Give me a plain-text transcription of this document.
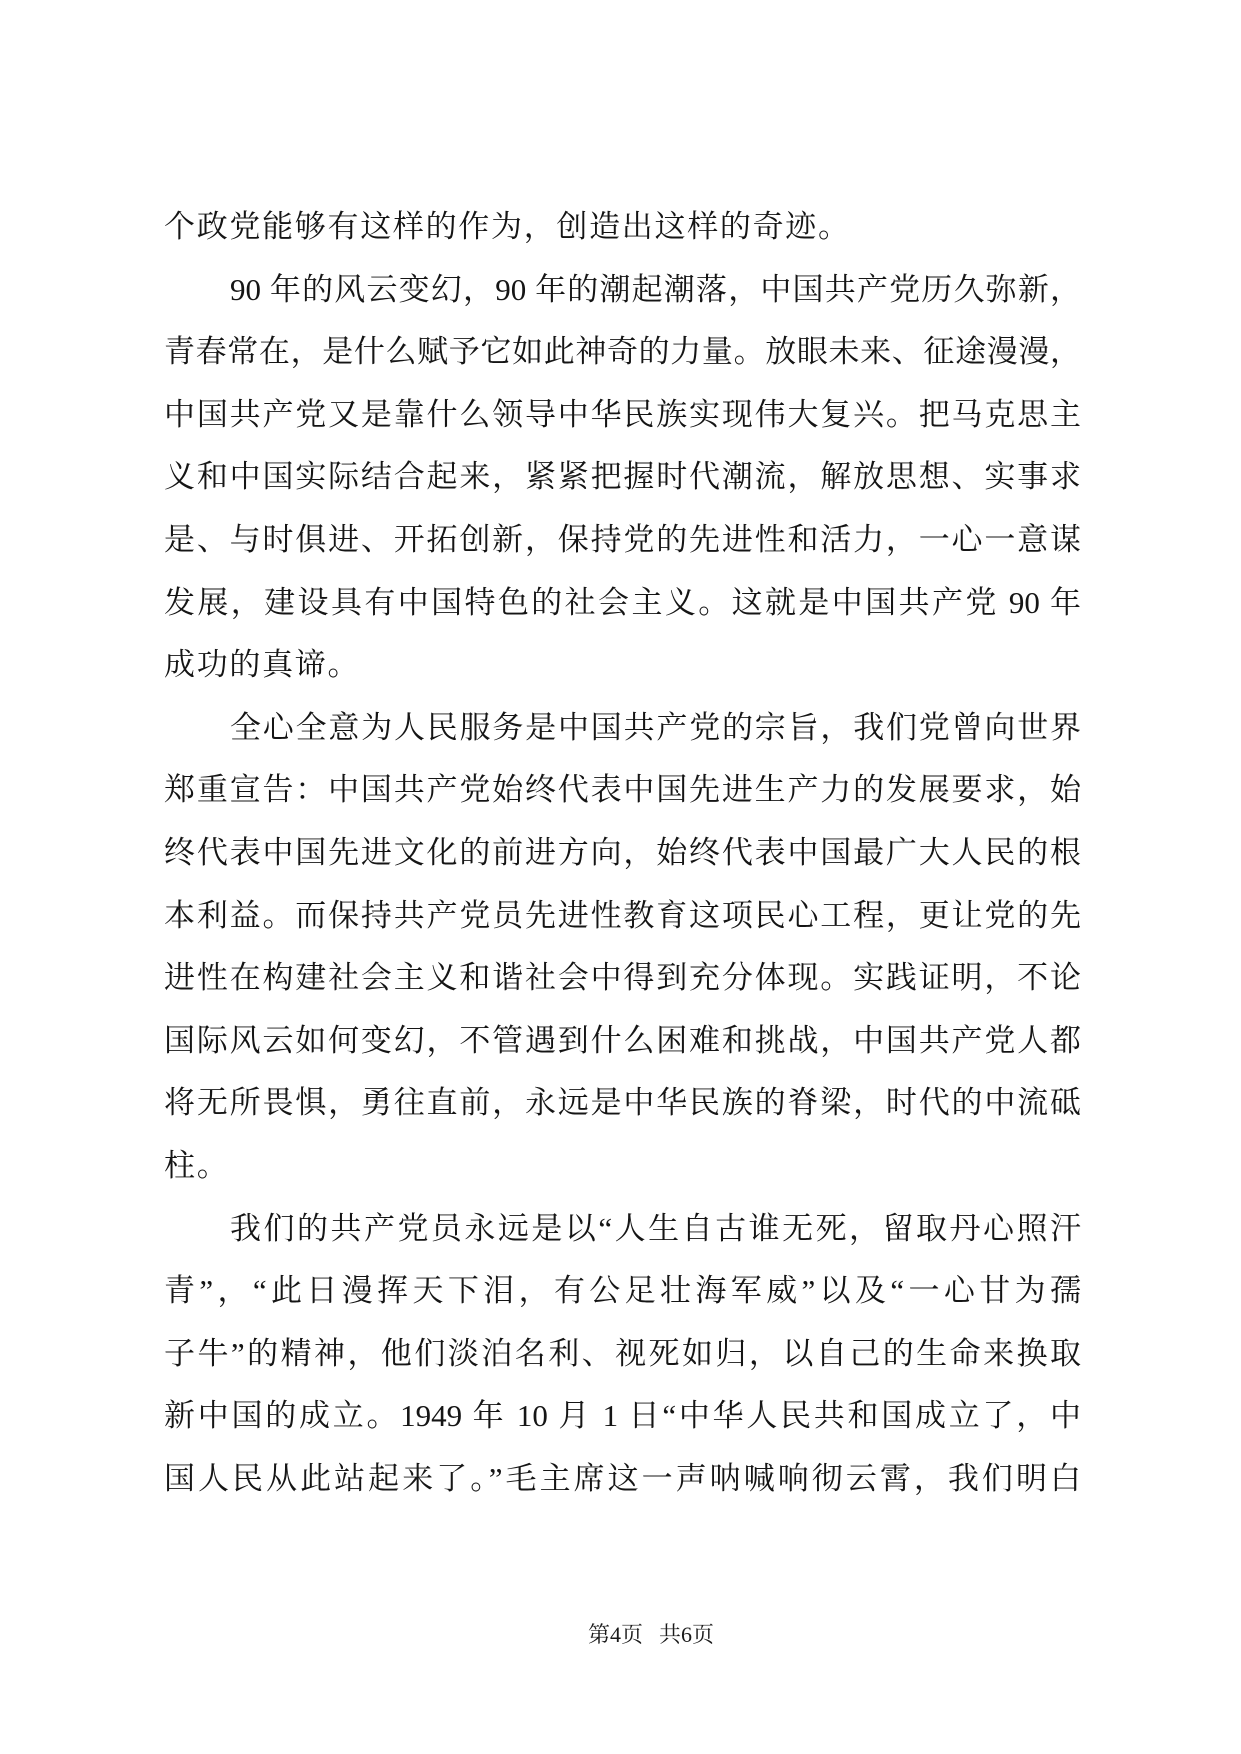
个政党能够有这样的作为，创造出这样的奇迹。
90 年的风云变幻，90 年的潮起潮落，中国共产党历久弥新，
青春常在，是什么赋予它如此神奇的力量。放眼未来、征途漫漫，
中国共产党又是靠什么领导中华民族实现伟大复兴。把马克思主
义和中国实际结合起来，紧紧把握时代潮流，解放思想、实事求
是、与时俱进、开拓创新，保持党的先进性和活力，一心一意谋
发展，建设具有中国特色的社会主义。这就是中国共产党 90 年
成功的真谛。
全心全意为人民服务是中国共产党的宗旨，我们党曾向世界
郑重宣告：中国共产党始终代表中国先进生产力的发展要求，始
终代表中国先进文化的前进方向，始终代表中国最广大人民的根
本利益。而保持共产党员先进性教育这项民心工程，更让党的先
进性在构建社会主义和谐社会中得到充分体现。实践证明，不论
国际风云如何变幻，不管遇到什么困难和挑战，中国共产党人都
将无所畏惧，勇往直前，永远是中华民族的脊梁，时代的中流砥
柱。
我们的共产党员永远是以“人生自古谁无死，留取丹心照汗
青”，“此日漫挥天下泪，有公足壮海军威”以及“一心甘为孺
子牛”的精神，他们淡泊名利、视死如归，以自己的生命来换取
新中国的成立。1949 年 10 月 1 日“中华人民共和国成立了，中
国人民从此站起来了。”毛主席这一声呐喊响彻云霄，我们明白
第4页 共6页
